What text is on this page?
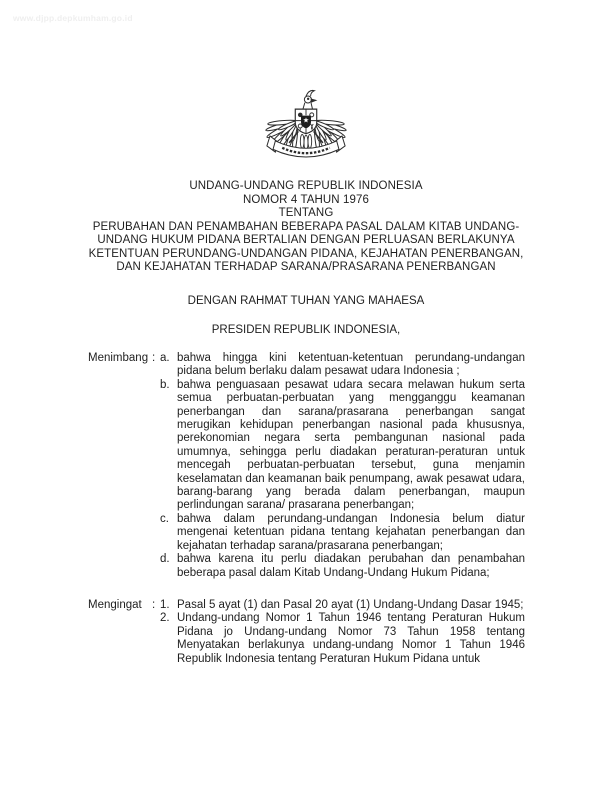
www.djpp.depkumham.go.id
UNDANG-UNDANG REPUBLIK INDONESIA
NOMOR 4 TAHUN 1976
TENTANG
PERUBAHAN DAN PENAMBAHAN BEBERAPA PASAL DALAM KITAB UNDANG-
UNDANG HUKUM PIDANA BERTALIAN DENGAN PERLUASAN BERLAKUNYA
KETENTUAN PERUNDANG-UNDANGAN PIDANA, KEJAHATAN PENERBANGAN,
DAN KEJAHATAN TERHADAP SARANA/PRASARANA PENERBANGAN
DENGAN RAHMAT TUHAN YANG MAHAESA
PRESIDEN REPUBLIK INDONESIA,
Menimbang : a. bahwa hingga kini ketentuan-ketentuan perundang-undangan pidana belum berlaku dalam pesawat udara Indonesia ;
b. bahwa penguasaan pesawat udara secara melawan hukum serta semua perbuatan-perbuatan yang mengganggu keamanan penerbangan dan sarana/prasarana penerbangan sangat merugikan kehidupan penerbangan nasional pada khususnya, perekonomian negara serta pembangunan nasional pada umumnya, sehingga perlu diadakan peraturan-peraturan untuk mencegah perbuatan-perbuatan tersebut, guna menjamin keselamatan dan keamanan baik penumpang, awak pesawat udara, barang-barang yang berada dalam penerbangan, maupun perlindungan sarana/ prasarana penerbangan;
c. bahwa dalam perundang-undangan Indonesia belum diatur mengenai ketentuan pidana tentang kejahatan penerbangan dan kejahatan terhadap sarana/prasarana penerbangan;
d. bahwa karena itu perlu diadakan perubahan dan penambahan beberapa pasal dalam Kitab Undang-Undang Hukum Pidana;
Mengingat : 1. Pasal 5 ayat (1) dan Pasal 20 ayat (1) Undang-Undang Dasar 1945;
2. Undang-undang Nomor 1 Tahun 1946 tentang Peraturan Hukum Pidana jo Undang-undang Nomor 73 Tahun 1958 tentang Menyatakan berlakunya undang-undang Nomor 1 Tahun 1946 Republik Indonesia tentang Peraturan Hukum Pidana untuk
